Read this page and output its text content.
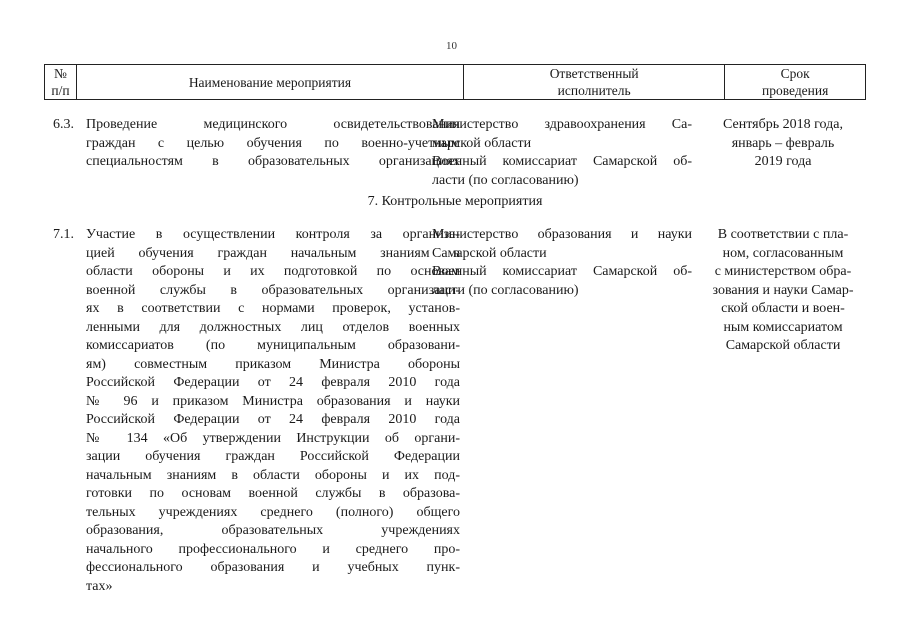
10
№
п/п
Наименование мероприятия
Ответственный
исполнитель
Срок
проведения
6.3. Проведение медицинского освидетельствования
граждан с целью обучения по военно-учетным
специальностям в образовательных организациях
Министерство здравоохранения Са-
марской области
Военный комиссариат Самарской об-
ласти (по согласованию)
Сентябрь 2018 года,
январь – февраль
2019 года
7. Контрольные мероприятия
7.1. Участие в осуществлении контроля за организа-
цией обучения граждан начальным знаниям в
области обороны и их подготовкой по основам
военной службы в образовательных организаци-
ях в соответствии с нормами проверок, установ-
ленными для должностных лиц отделов военных
комиссариатов (по муниципальным образовани-
ям) совместным приказом Министра обороны
Российской Федерации от 24 февраля 2010 года
№ 96 и приказом Министра образования и науки
Российской Федерации от 24 февраля 2010 года
№ 134 «Об утверждении Инструкции об органи-
зации обучения граждан Российской Федерации
начальным знаниям в области обороны и их под-
готовки по основам военной службы в образова-
тельных учреждениях среднего (полного) общего
образования, образовательных учреждениях
начального профессионального и среднего про-
фессионального образования и учебных пунк-
тах»
Министерство образования и науки
Самарской области
Военный комиссариат Самарской об-
ласти (по согласованию)
В соответствии с пла-
ном, согласованным
с министерством обра-
зования и науки Самар-
ской области и воен-
ным комиссариатом
Самарской области
